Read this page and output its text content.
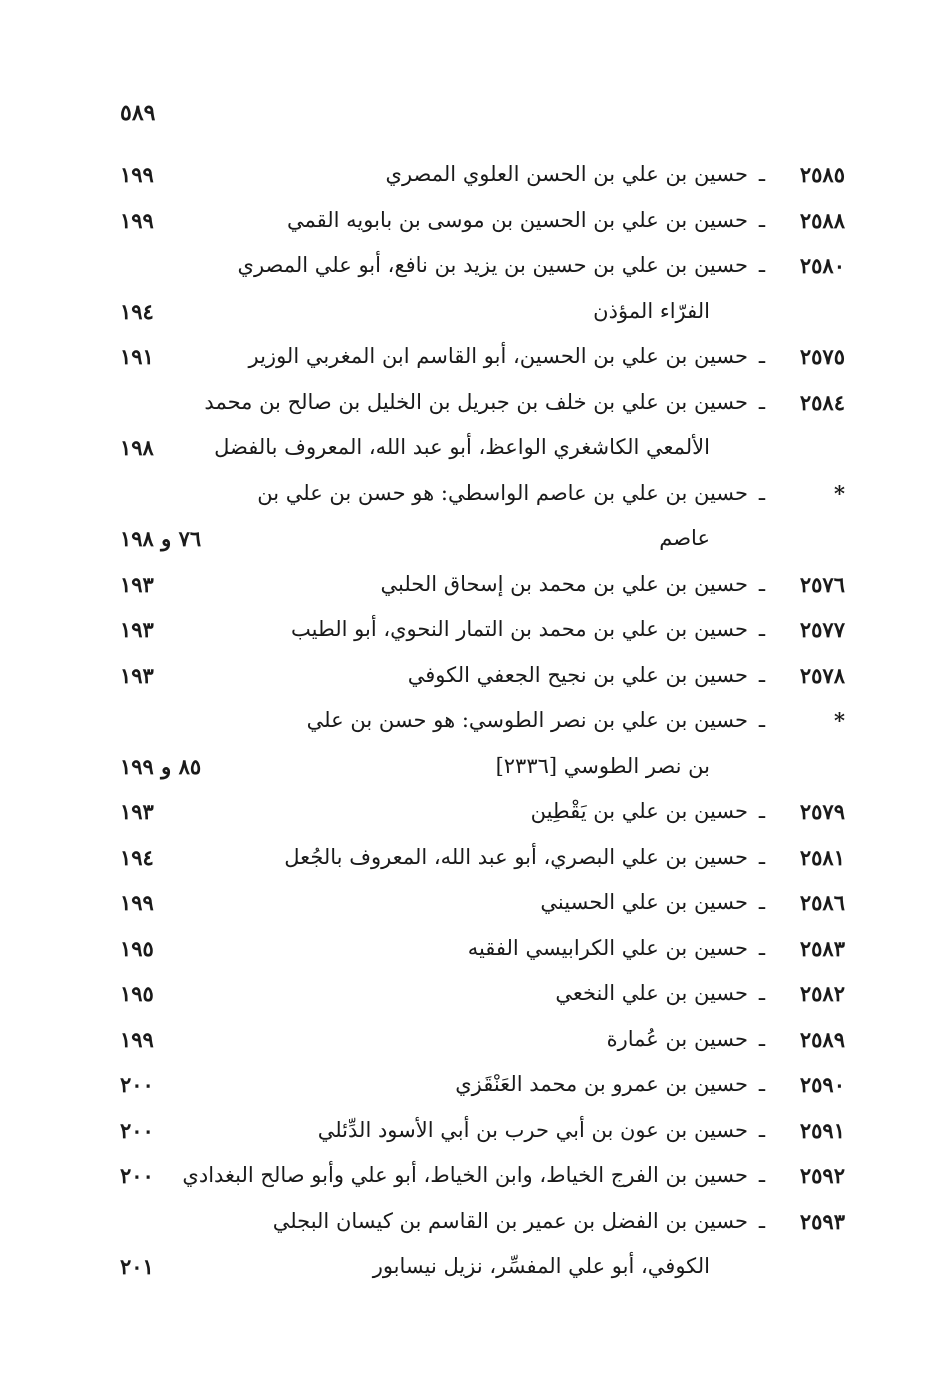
٥٨٩
٢٥٨٥
ـ
حسين بن علي بن الحسن العلوي المصري
١٩٩
٢٥٨٨
ـ
حسين بن علي بن الحسين بن موسى بن بابويه القمي
١٩٩
٢٥٨٠
ـ
حسين بن علي بن حسين بن يزيد بن نافع، أبو علي المصري
الفرّاء المؤذن
١٩٤
٢٥٧٥
ـ
حسين بن علي بن الحسين، أبو القاسم ابن المغربي الوزير
١٩١
٢٥٨٤
ـ
حسين بن علي بن خلف بن جبريل بن الخليل بن صالح بن محمد
الألمعي الكاشغري الواعظ، أبو عبد الله، المعروف بالفضل
١٩٨
*
ـ
حسين بن علي بن عاصم الواسطي: هو حسن بن علي بن
عاصم
٧٦ و ١٩٨
٢٥٧٦
ـ
حسين بن علي بن محمد بن إسحاق الحلبي
١٩٣
٢٥٧٧
ـ
حسين بن علي بن محمد بن التمار النحوي، أبو الطيب
١٩٣
٢٥٧٨
ـ
حسين بن علي بن نجيح الجعفي الكوفي
١٩٣
*
ـ
حسين بن علي بن نصر الطوسي: هو حسن بن علي
بن نصر الطوسي [٢٣٣٦]
٨٥ و ١٩٩
٢٥٧٩
ـ
حسين بن علي بن يَقْطِين
١٩٣
٢٥٨١
ـ
حسين بن علي البصري، أبو عبد الله، المعروف بالجُعل
١٩٤
٢٥٨٦
ـ
حسين بن علي الحسيني
١٩٩
٢٥٨٣
ـ
حسين بن علي الكرابيسي الفقيه
١٩٥
٢٥٨٢
ـ
حسين بن علي النخعي
١٩٥
٢٥٨٩
ـ
حسين بن عُمارة
١٩٩
٢٥٩٠
ـ
حسين بن عمرو بن محمد العَنْقَزي
٢٠٠
٢٥٩١
ـ
حسين بن عون بن أبي حرب بن أبي الأسود الدِّئلي
٢٠٠
٢٥٩٢
ـ
حسين بن الفرج الخياط، وابن الخياط، أبو علي وأبو صالح البغدادي
٢٠٠
٢٥٩٣
ـ
حسين بن الفضل بن عمير بن القاسم بن كيسان البجلي
الكوفي، أبو علي المفسِّر، نزيل نيسابور
٢٠١
